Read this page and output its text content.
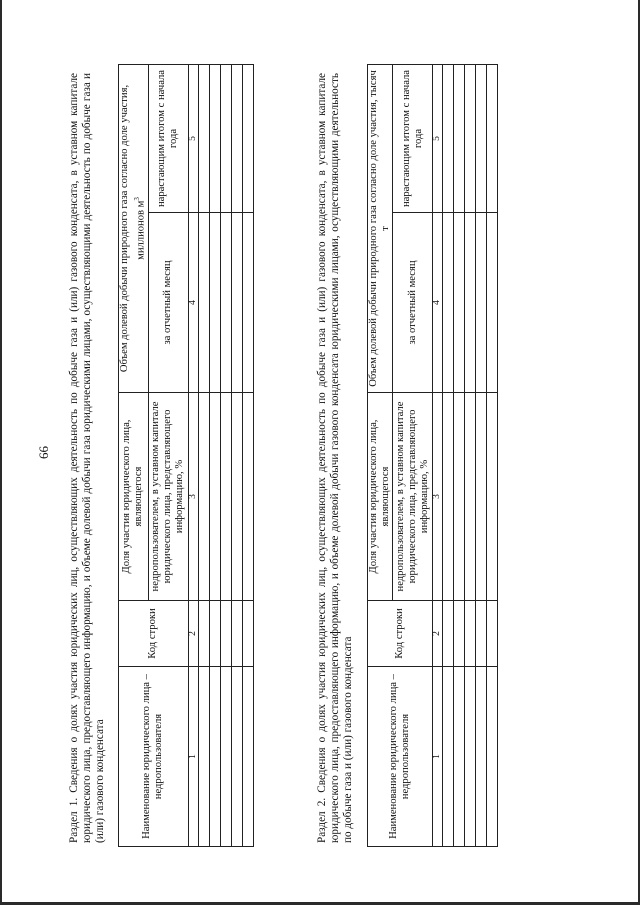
66 Раздел 1. Сведения о долях участия юридических лиц, осуществляющих деятельность по добыче газа и (или) газового конденсата, в уставном капитале юридического лица, предоставляющего информацию, и объеме долевой добычи газа юридическими лицами, осуществляющими деятельность по добыче газа и (или) газового конденсата	Наименование юридического лица – недропользователя	Код строки	Доля участия юридического лица, являющегося	Объем долевой добычи природного газа согласно доле участия, миллионов $м^3$
		недропользователем, в уставном капитале юридического лица, представляющего информацию, %	за отчетный месяц	нарастающим итогом с начала года
1	2	3	4	5

					Раздел 2. Сведения о долях участия юридических лиц, осуществляющих деятельность по добыче газа и (или) газового конденсата, в уставном капитале юридического лица, предоставляющего информацию, и объеме долевой добычи газового конденсата юридическими лицами, осуществляющими деятельность по добыче газа и (или) газового конденсата	Наименование юридического лица – недропользователя	Код строки	Доля участия юридического лица, являющегося	Объем долевой добычи природного газа согласно доле участия, тысяч т	
		недропользователем, в уставном капитале юридического лица, представляющего информацию, %	за отчетный месяц	нарастающим итогом с начала года
1	2	3	4	5
